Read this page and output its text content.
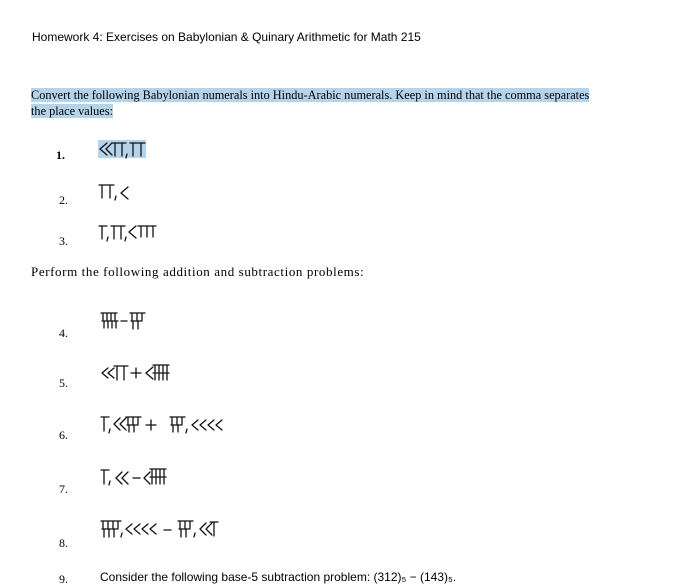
Homework 4: Exercises on Babylonian & Quinary Arithmetic for Math 215
Convert the following Babylonian numerals into Hindu-Arabic numerals. Keep in mind that the comma separates
the place values:
1.
2.
3.
Perform the following addition and subtraction problems:
4.
5.
6.
7.
8.
9.	Consider the following base-5 subtraction problem: (312)₅ − (143)₅.
